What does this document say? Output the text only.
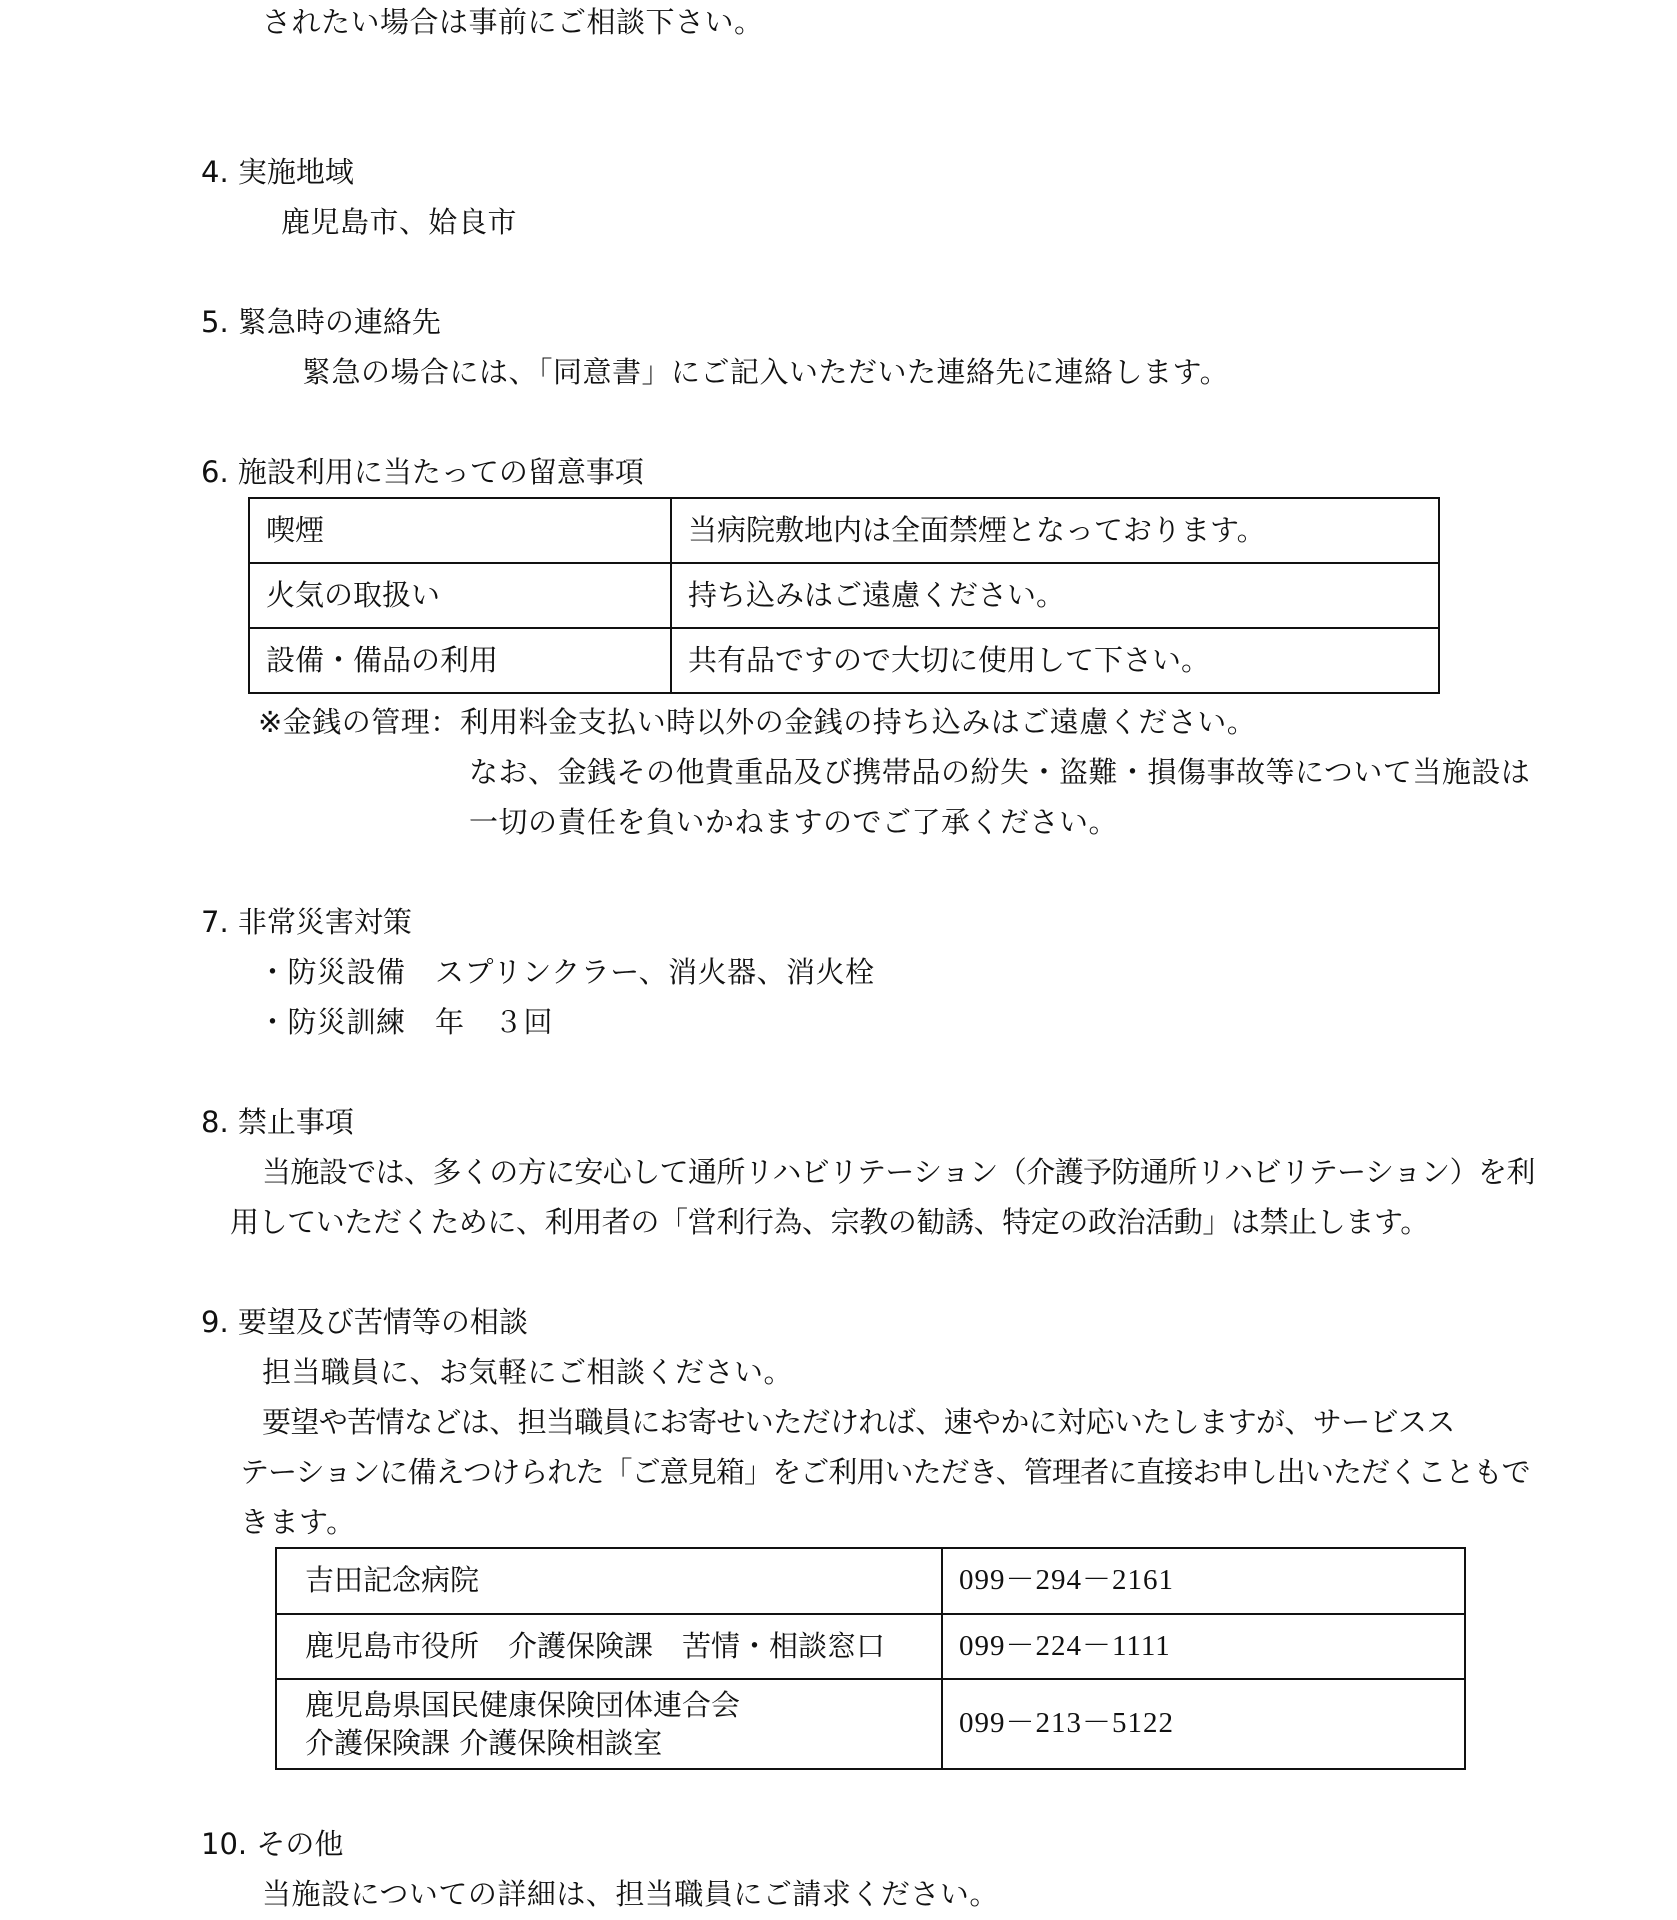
されたい場合は事前にご相談下さい。
4. 実施地域
鹿児島市、姶良市
5. 緊急時の連絡先
緊急の場合には、「同意書」にご記入いただいた連絡先に連絡します。
6. 施設利用に当たっての留意事項
喫煙	当病院敷地内は全面禁煙となっております。
火気の取扱い	持ち込みはご遠慮ください。
設備・備品の利用	共有品ですので大切に使用して下さい。
※金銭の管理：利用料金支払い時以外の金銭の持ち込みはご遠慮ください。
なお、金銭その他貴重品及び携帯品の紛失・盗難・損傷事故等について当施設は
一切の責任を負いかねますのでご了承ください。
7. 非常災害対策
・防災設備 スプリンクラー、消火器、消火栓
・防災訓練 年　３回
8. 禁止事項
当施設では、多くの方に安心して通所リハビリテーション（介護予防通所リハビリテーション）を利
用していただくために、利用者の「営利行為、宗教の勧誘、特定の政治活動」は禁止します。
9. 要望及び苦情等の相談
担当職員に、お気軽にご相談ください。
要望や苦情などは、担当職員にお寄せいただければ、速やかに対応いたしますが、サービスス
テーションに備えつけられた「ご意見箱」をご利用いただき、管理者に直接お申し出いただくこともで
きます。
吉田記念病院	099－294－2161

鹿児島市役所　介護保険課　苦情・相談窓口	099－224－1111

鹿児島県国民健康保険団体連合会
介護保険課 介護保険相談室	099－213－5122
10. その他
当施設についての詳細は、担当職員にご請求ください。
